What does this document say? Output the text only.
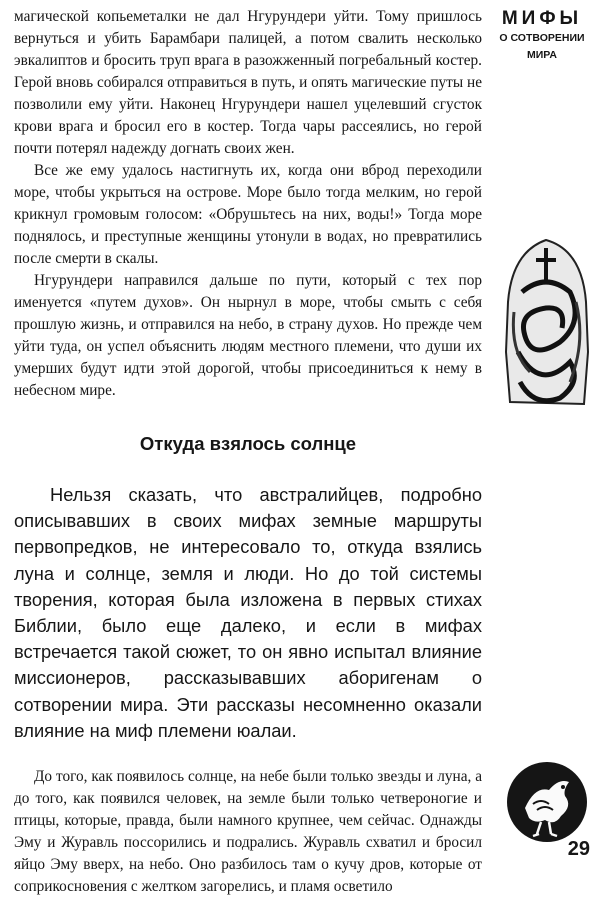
магической копьеметалки не дал Нгурундери уйти. Тому пришлось вернуться и убить Барамбари палицей, а потом свалить несколько эвкалиптов и бросить труп врага в разожженный погребальный костер. Герой вновь собирался отправиться в путь, и опять магические путы не позволили ему уйти. Наконец Нгурундери нашел уцелевший сгусток крови врага и бросил его в костер. Тогда чары рассеялись, но герой почти потерял надежду догнать своих жен.

Все же ему удалось настигнуть их, когда они вброд переходили море, чтобы укрыться на острове. Море было тогда мелким, но герой крикнул громовым голосом: «Обрушьтесь на них, воды!» Тогда море поднялось, и преступные женщины утонули в водах, но превратились после смерти в скалы.

Нгурундери направился дальше по пути, который с тех пор именуется «путем духов». Он нырнул в море, чтобы смыть с себя прошлую жизнь, и отправился на небо, в страну духов. Но прежде чем уйти туда, он успел объяснить людям местного племени, что души их умерших будут идти этой дорогой, чтобы присоединиться к нему в небесном мире.

Откуда взялось солнце

Нельзя сказать, что австралийцев, подробно описывавших в своих мифах земные маршруты первопредков, не интересовало то, откуда взялись луна и солнце, земля и люди. Но до той системы творения, которая была изложена в первых стихах Библии, было еще далеко, и если в мифах встречается такой сюжет, то он явно испытал влияние миссионеров, рассказывавших аборигенам о сотворении мира. Эти рассказы несомненно оказали влияние на миф племени юалаи.

До того, как появилось солнце, на небе были только звезды и луна, а до того, как появился человек, на земле были только четвероногие и птицы, которые, правда, были намного крупнее, чем сейчас. Однажды Эму и Журавль поссорились и подрались. Журавль схватил и бросил яйцо Эму вверх, на небо. Оно разбилось там о кучу дров, которые от соприкосновения с желтком загорелись, и пламя осветило

МИФЫ
О СОТВОРЕНИИ
МИРА
29
